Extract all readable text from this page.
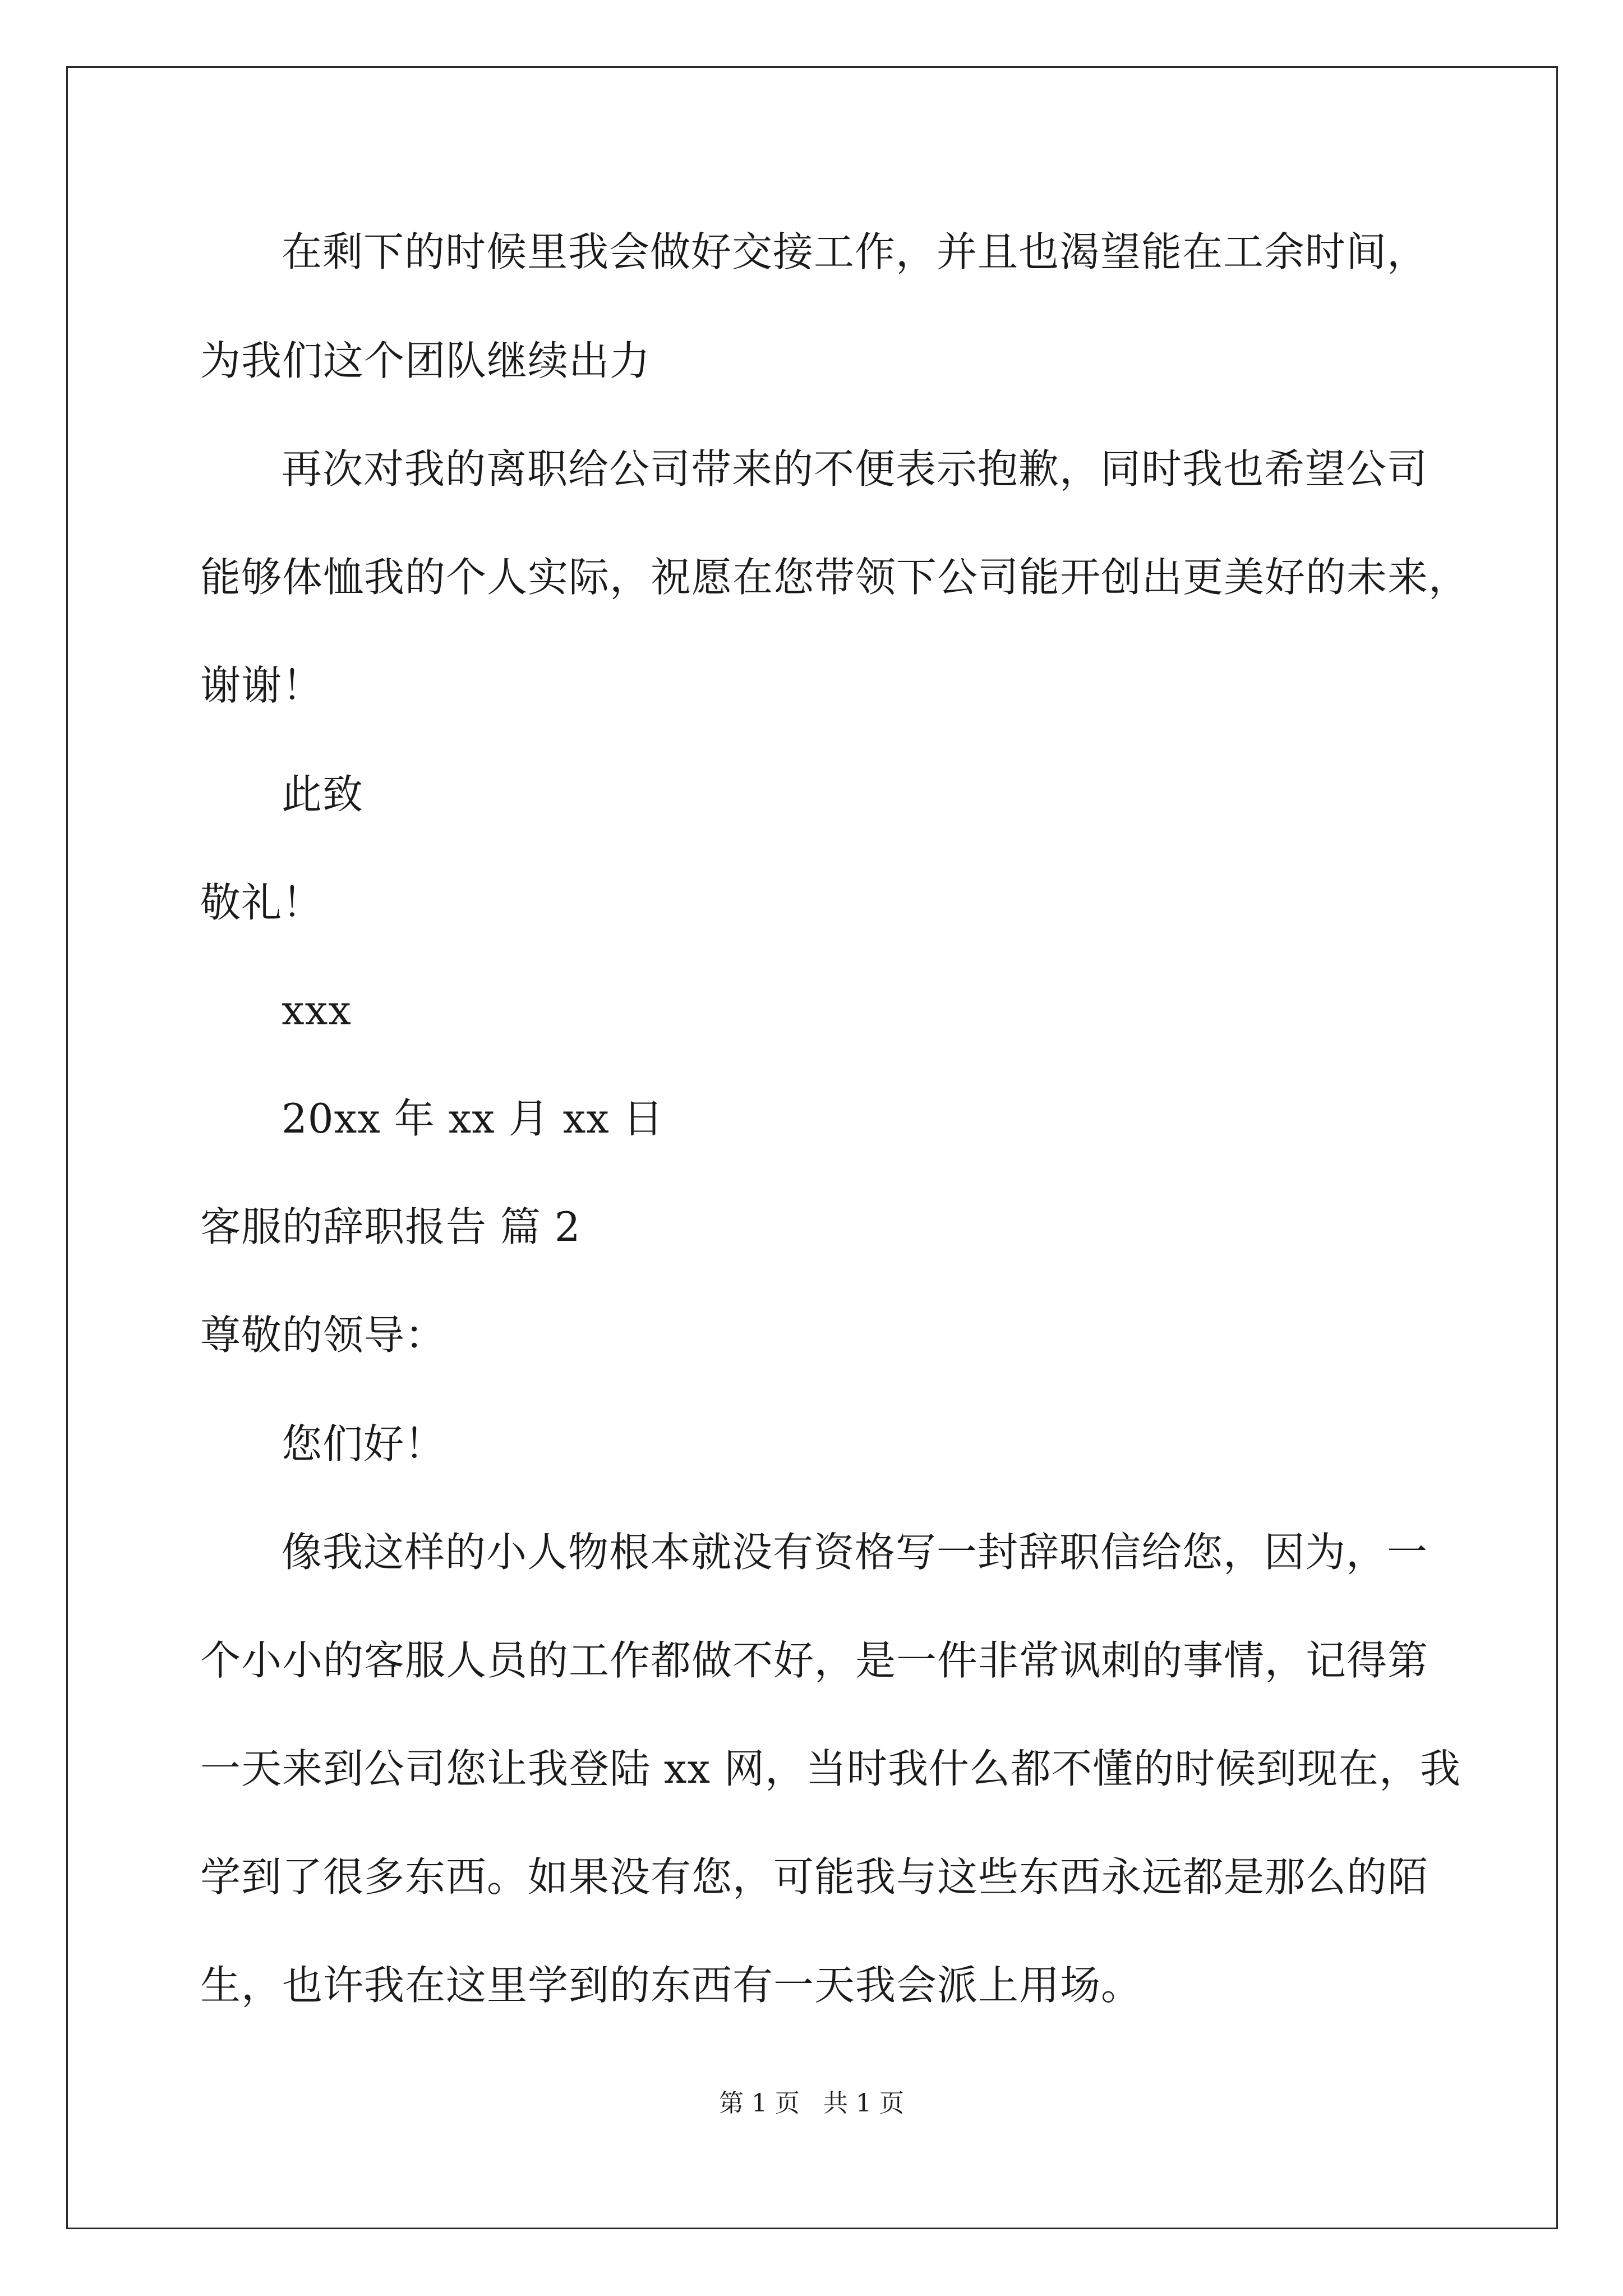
在剩下的时候里我会做好交接工作，并且也渴望能在工余时间，
为我们这个团队继续出力
再次对我的离职给公司带来的不便表示抱歉，同时我也希望公司
能够体恤我的个人实际，祝愿在您带领下公司能开创出更美好的未来，
谢谢！
此致
敬礼！
xxx
20xx 年 xx 月 xx 日
客服的辞职报告 篇 2
尊敬的领导：
您们好！
像我这样的小人物根本就没有资格写一封辞职信给您，因为，一
个小小的客服人员的工作都做不好，是一件非常讽刺的事情，记得第
一天来到公司您让我登陆 xx 网，当时我什么都不懂的时候到现在，我
学到了很多东西。如果没有您，可能我与这些东西永远都是那么的陌
生，也许我在这里学到的东西有一天我会派上用场。
第 1 页   共 1 页
